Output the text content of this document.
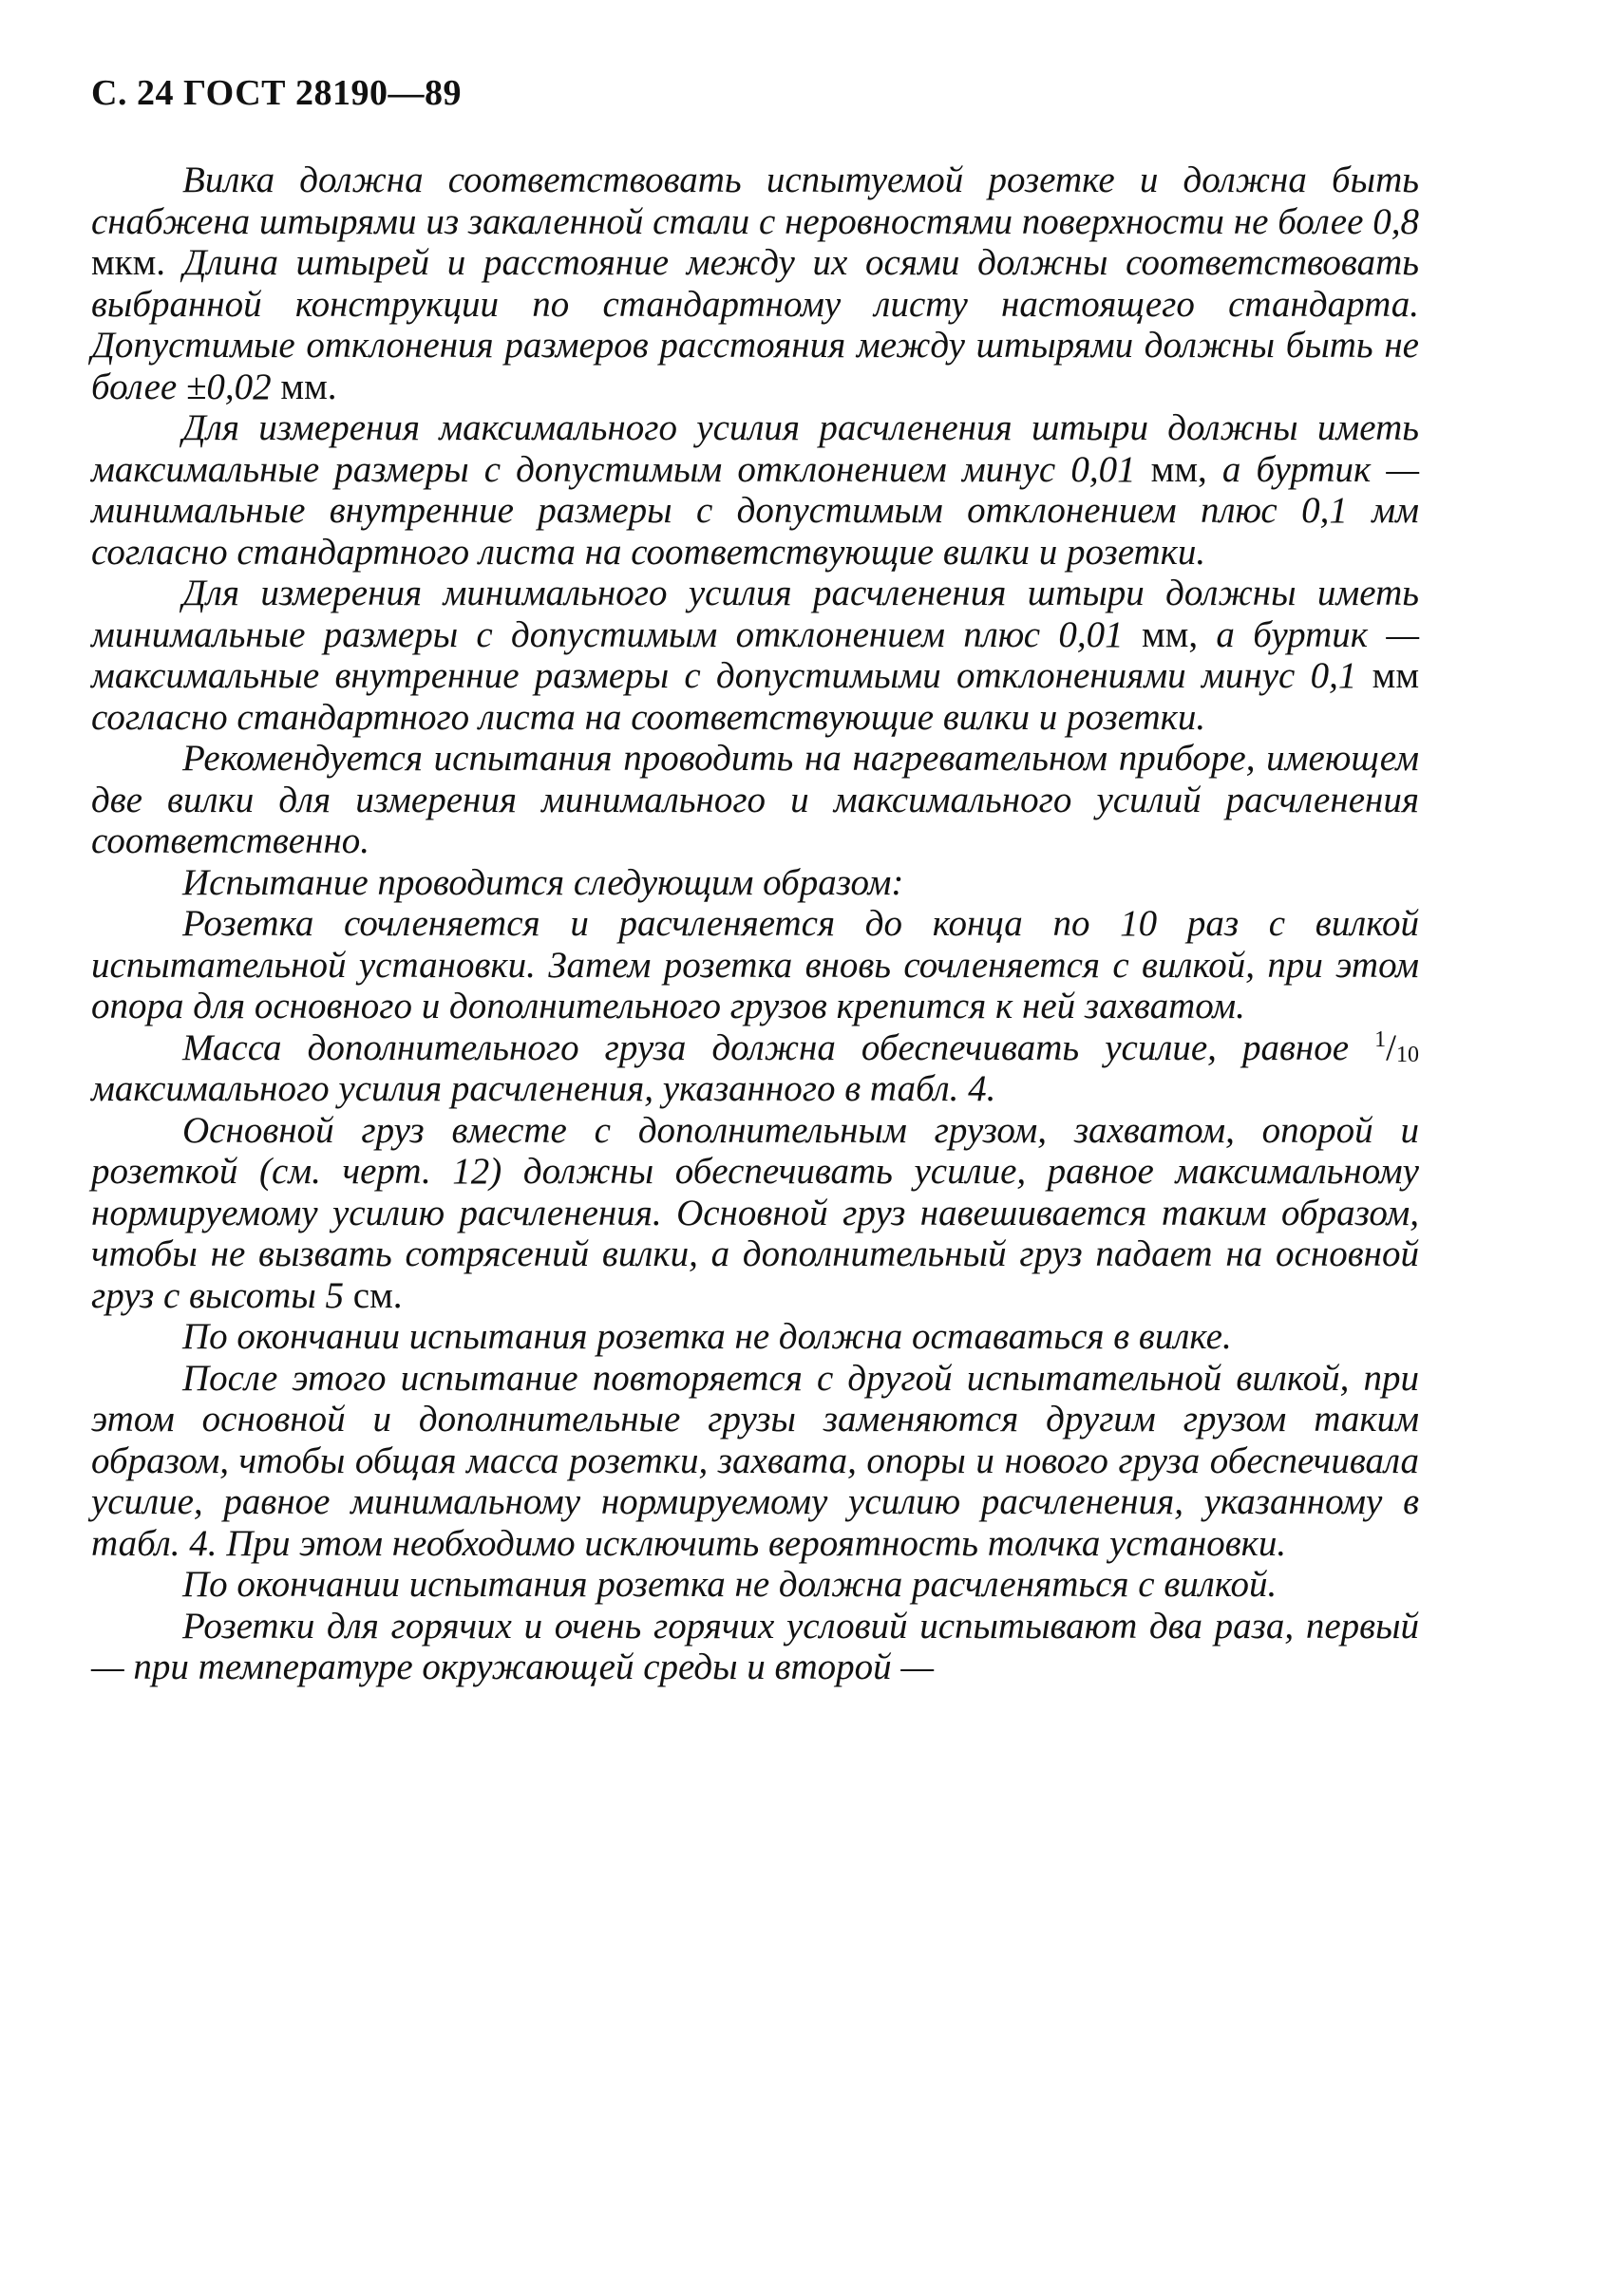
С. 24 ГОСТ 28190—89

Вилка должна соответствовать испытуемой розетке и должна быть снабжена штырями из закаленной стали с неровностями поверхности не более 0,8 мкм. Длина штырей и расстояние между их осями должны соответствовать выбранной конструкции по стандартному листу настоящего стандарта. Допустимые отклонения размеров расстояния между штырями должны быть не более ±0,02 мм.

Для измерения максимального усилия расчленения штыри должны иметь максимальные размеры с допустимым отклонением минус 0,01 мм, а буртик — минимальные внутренние размеры с допустимым отклонением плюс 0,1 мм согласно стандартного листа на соответствующие вилки и розетки.

Для измерения минимального усилия расчленения штыри должны иметь минимальные размеры с допустимым отклонением плюс 0,01 мм, а буртик — максимальные внутренние размеры с допустимыми отклонениями минус 0,1 мм согласно стандартного листа на соответствующие вилки и розетки.

Рекомендуется испытания проводить на нагревательном приборе, имеющем две вилки для измерения минимального и максимального усилий расчленения соответственно.

Испытание проводится следующим образом:

Розетка сочленяется и расчленяется до конца по 10 раз с вилкой испытательной установки. Затем розетка вновь сочленяется с вилкой, при этом опора для основного и дополнительного грузов крепится к ней захватом.

Масса дополнительного груза должна обеспечивать усилие, равное $^1/_{10}$ максимального усилия расчленения, указанного в табл. 4.

Основной груз вместе с дополнительным грузом, захватом, опорой и розеткой (см. черт. 12) должны обеспечивать усилие, равное максимальному нормируемому усилию расчленения. Основной груз навешивается таким образом, чтобы не вызвать сотрясений вилки, а дополнительный груз падает на основной груз с высоты 5 см.

По окончании испытания розетка не должна оставаться в вилке.

После этого испытание повторяется с другой испытательной вилкой, при этом основной и дополнительные грузы заменяются другим грузом таким образом, чтобы общая масса розетки, захвата, опоры и нового груза обеспечивала усилие, равное минимальному нормируемому усилию расчленения, указанному в табл. 4. При этом необходимо исключить вероятность толчка установки.

По окончании испытания розетка не должна расчленяться с вилкой.

Розетки для горячих и очень горячих условий испытывают два раза, первый — при температуре окружающей среды и второй —
